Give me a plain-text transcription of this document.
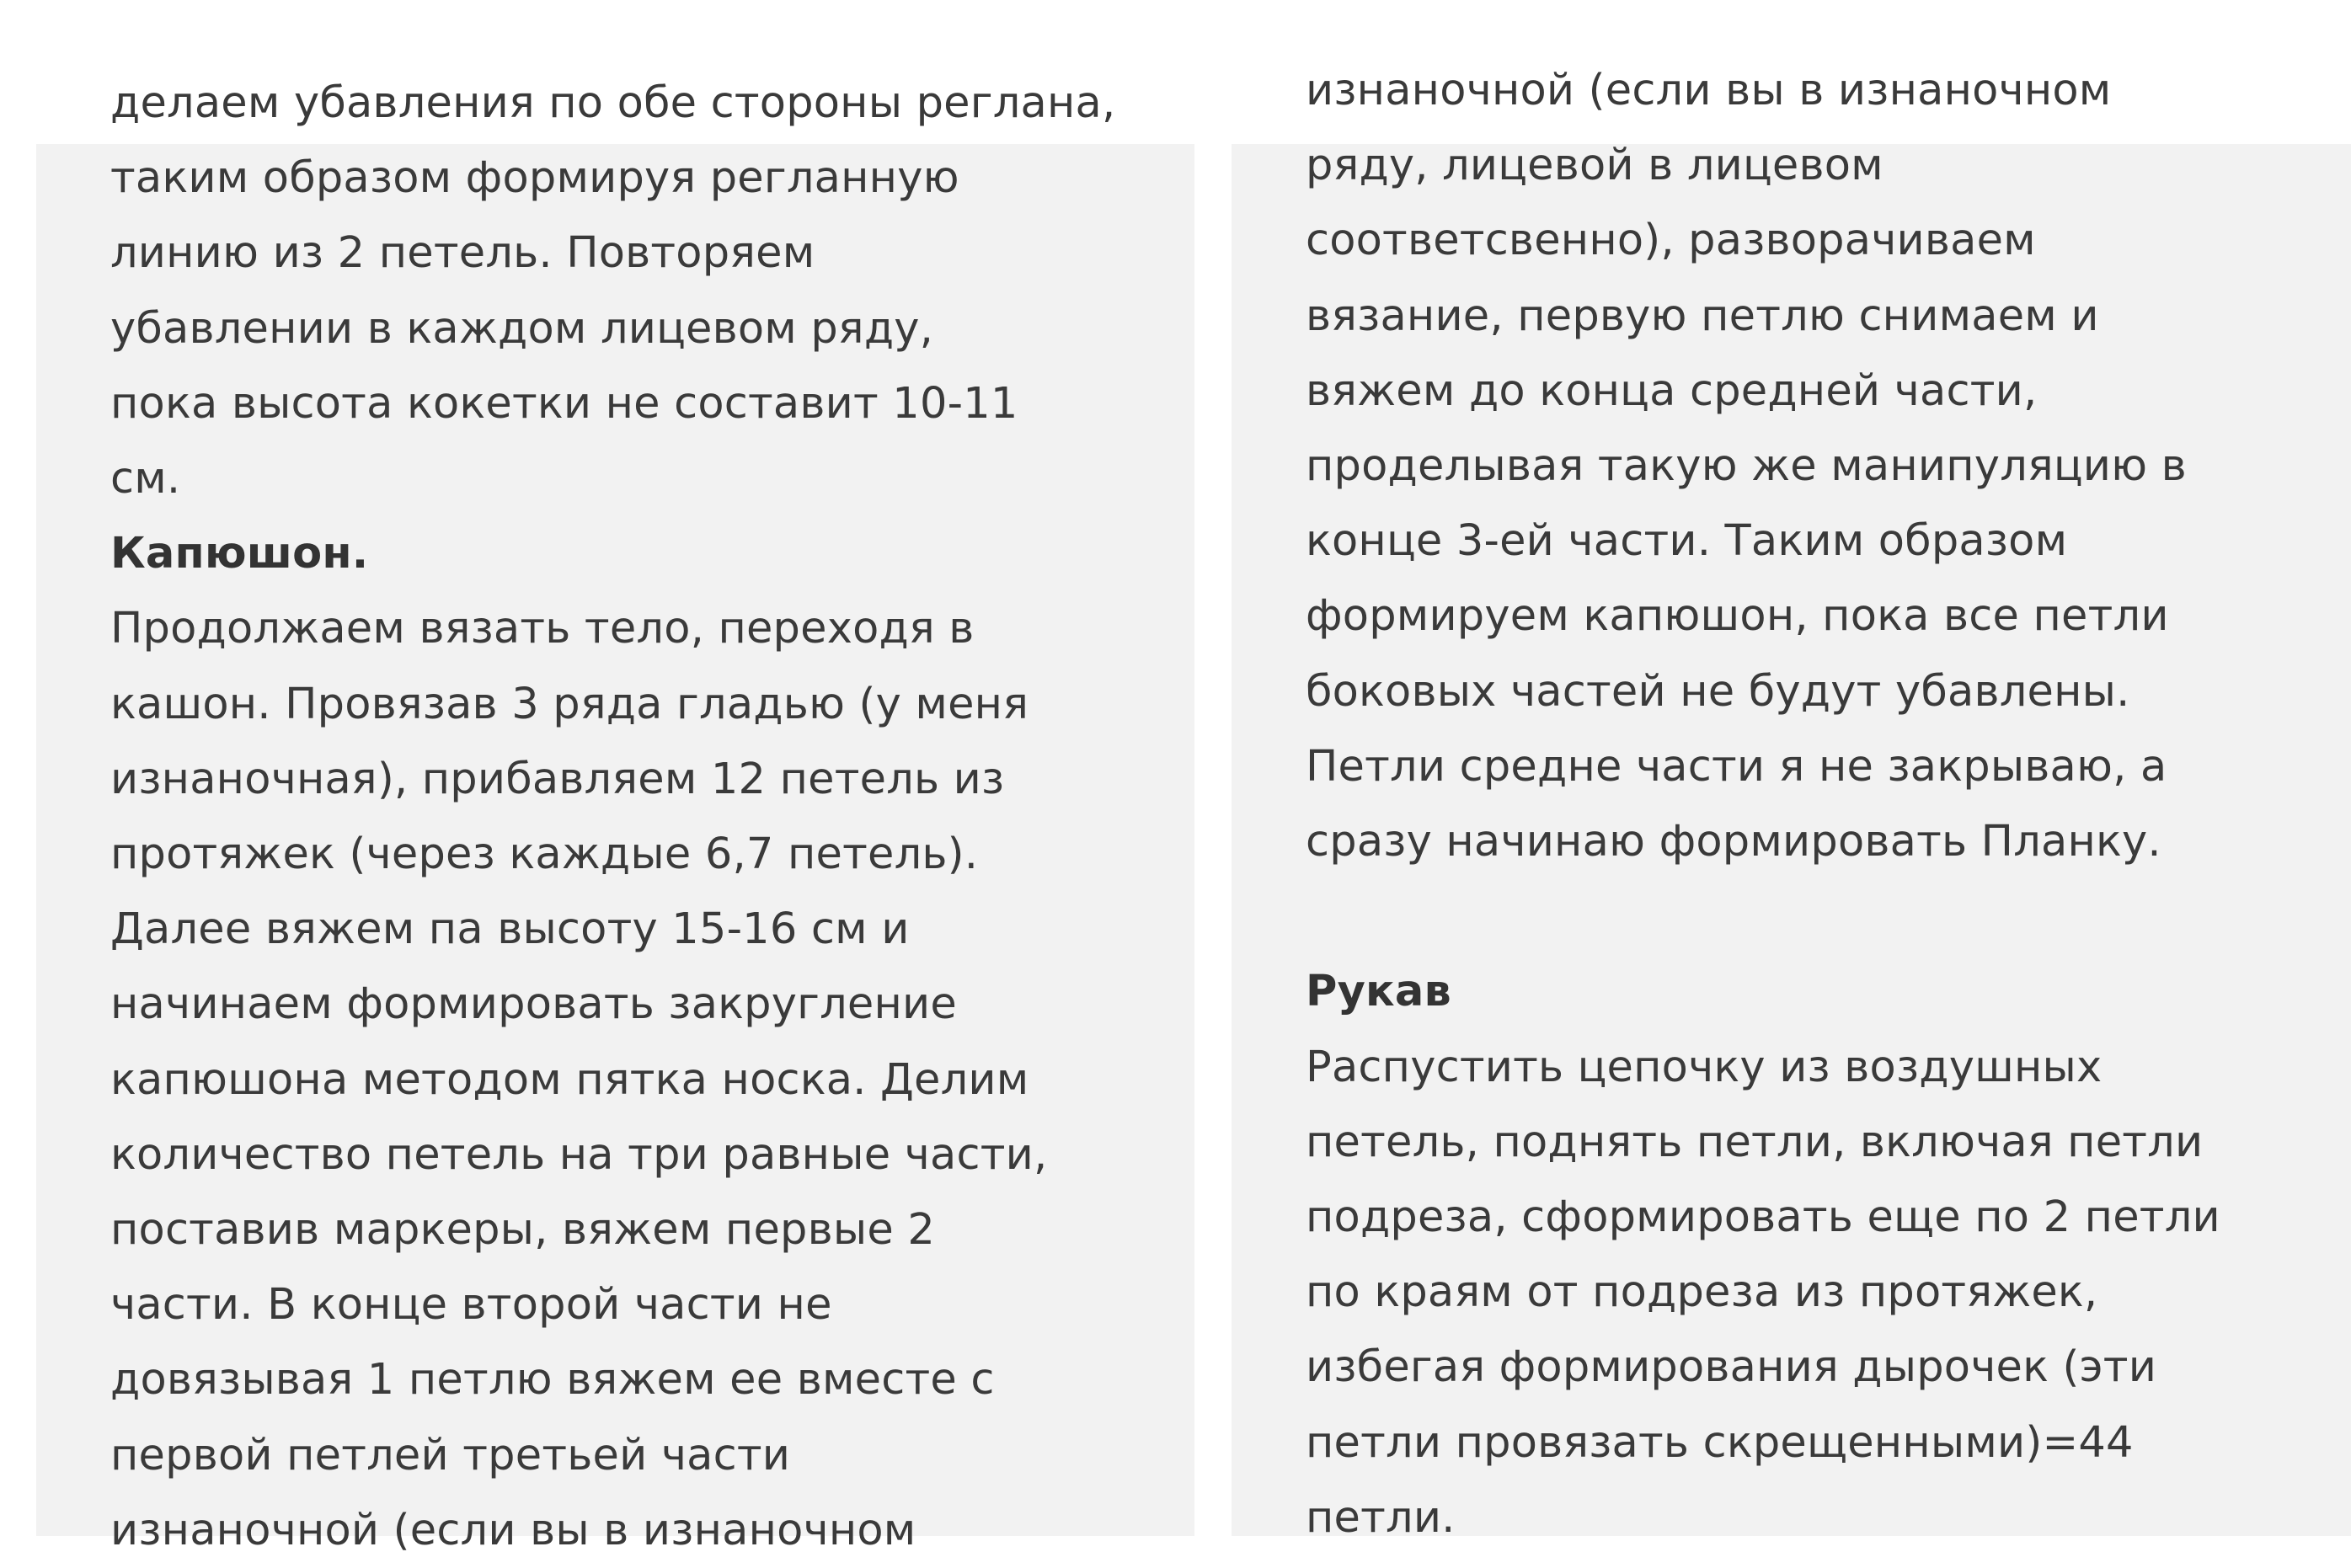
делаем убавления по обе стороны реглана,
таким образом формируя регланную
линию из 2 петель. Повторяем
убавлении в каждом лицевом ряду,
пока высота кокетки не составит 10-11
см.
Капюшон.
Продолжаем вязать тело, переходя в
кашон. Провязав 3 ряда гладью (у меня
изнаночная), прибавляем 12 петель из
протяжек (через каждые 6,7 петель).
Далее вяжем па высоту 15-16 см и
начинаем формировать закругление
капюшона методом пятка носка. Делим
количество петель на три равные части,
поставив маркеры, вяжем первые 2
части. В конце второй части не
довязывая 1 петлю вяжем ее вместе с
первой петлей третьей части
изнаночной (если вы в изнаночном
изнаночной (если вы в изнаночном
ряду, лицевой в лицевом
соответсвенно), разворачиваем
вязание, первую петлю снимаем и
вяжем до конца средней части,
проделывая такую же манипуляцию в
конце 3-ей части. Таким образом
формируем капюшон, пока все петли
боковых частей не будут убавлены.
Петли средне части я не закрываю, а
сразу начинаю формировать Планку.
Рукав
Распустить цепочку из воздушных
петель, поднять петли, включая петли
подреза, сформировать еще по 2 петли
по краям от подреза из протяжек,
избегая формирования дырочек (эти
петли провязать скрещенными)=44
петли.
